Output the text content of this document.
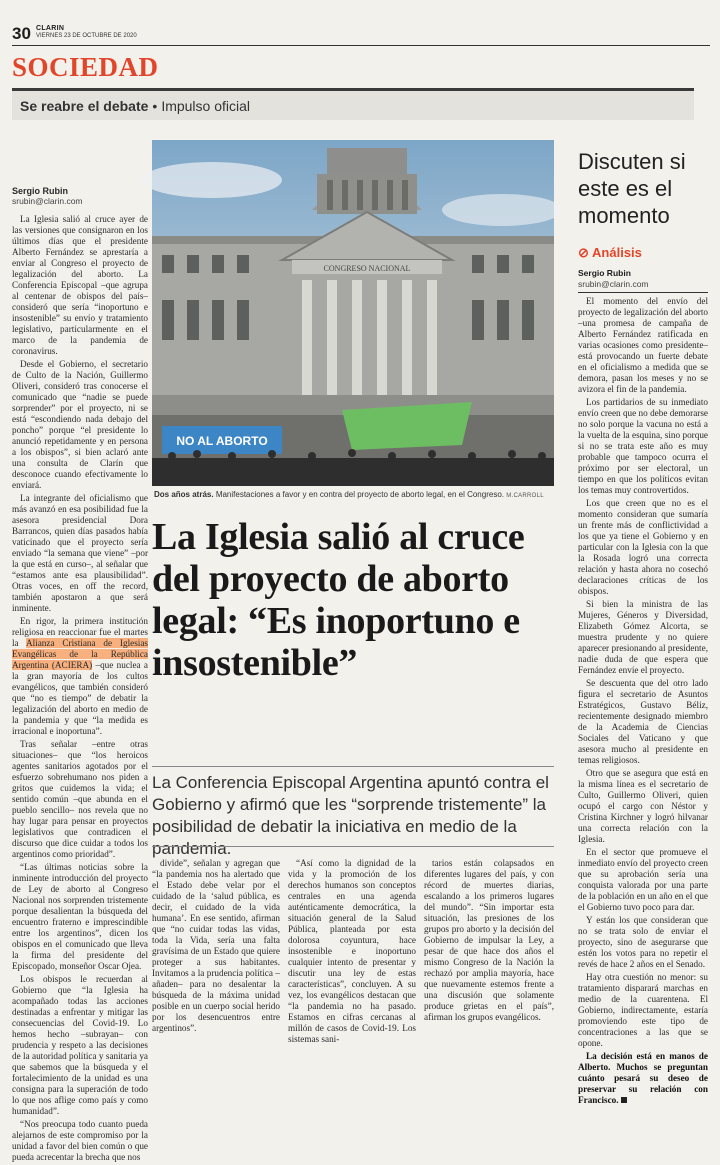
30 CLARIN
VIERNES 23 DE OCTUBRE DE 2020
SOCIEDAD
Se reabre el debate • Impulso oficial
Sergio Rubin
srubin@clarin.com

La Iglesia salió al cruce ayer de las versiones que consignaron en los últimos días que el presidente Alberto Fernández se aprestaría a enviar al Congreso el proyecto de legalización del aborto. La Conferencia Episcopal –que agrupa al centenar de obispos del país– consideró que sería “inoportuno e insostenible” su envío y tratamiento legislativo, particularmente en el marco de la pandemia de coronavirus.

Desde el Gobierno, el secretario de Culto de la Nación, Guillermo Oliveri, consideró tras conocerse el comunicado que “nadie se puede sorprender” por el proyecto, ni se está “escondiendo nada debajo del poncho” porque “el presidente lo anunció repetidamente y en persona a los obispos”, si bien aclaró ante una consulta de Clarín que desconoce cuando efectivamente lo enviará.

La integrante del oficialismo que más avanzó en esa posibilidad fue la asesora presidencial Dora Barrancos, quien días pasados había vaticinado que el proyecto sería enviado “la semana que viene” –por la que está en curso–, al señalar que “estamos ante esa plausibilidad”. Otras voces, en off the record, también apostaron a que será inminente.

En rigor, la primera institución religiosa en reaccionar fue el martes la Alianza Cristiana de Iglesias Evangélicas de la República Argentina (ACIERA) –que nuclea a la gran mayoría de los cultos evangélicos, que también consideró que “no es tiempo” de debatir la legalización del aborto en medio de la pandemia y que “la medida es irracional e inoportuna”.

Tras señalar –entre otras situaciones– que “los heroicos agentes sanitarios agotados por el esfuerzo sobrehumano nos piden a gritos que cuidemos la vida; el sentido común –que abunda en el pueblo sencillo– nos revela que no hay lugar para pensar en proyectos legislativos que contradicen el discurso que dice cuidar a todos los argentinos como prioridad”.

“Las últimas noticias sobre la inminente introducción del proyecto de Ley de aborto al Congreso Nacional nos sorprenden tristemente porque desalientan la búsqueda del encuentro fraterno e imprescindible entre los argentinos”, dicen los obispos en el comunicado que lleva la firma del presidente del Episcopado, monseñor Oscar Ojea.

Los obispos le recuerdan al Gobierno que “la Iglesia ha acompañado todas las acciones destinadas a enfrentar y mitigar las consecuencias del Covid-19. Lo hemos hecho –subrayan– con prudencia y respeto a las decisiones de la autoridad política y sanitaria ya que sabemos que la búsqueda y el fortalecimiento de la unidad es una consigna para la superación de todo lo que nos aflige como país y como humanidad”.

“Nos preocupa todo cuanto pueda alejarnos de este compromiso por la unidad a favor del bien común o que pueda acrecentar la brecha que nos

CONGRESO NACIONAL
NO AL ABORTO
Dos años atrás. Manifestaciones a favor y en contra del proyecto de aborto legal, en el Congreso. M.CARROLL
La Iglesia salió al cruce del proyecto de aborto legal: “Es inoportuno e insostenible”
La Conferencia Episcopal Argentina apuntó contra el Gobierno y afirmó que les “sorprende tristemente” la posibilidad de debatir la iniciativa en medio de la pandemia.

divide”, señalan y agregan que “la pandemia nos ha alertado que el Estado debe velar por el cuidado de la ‘salud pública, es decir, el cuidado de la vida humana’. En ese sentido, afirman que “no cuidar todas las vidas, toda la Vida, sería una falta gravísima de un Estado que quiere proteger a sus habitantes. Invitamos a la prudencia política –añaden– para no desalentar la búsqueda de la máxima unidad posible en un cuerpo social herido por los desencuentros entre argentinos”.

“Así como la dignidad de la vida y la promoción de los derechos humanos son conceptos centrales en una agenda auténticamente democrática, la situación general de la Salud Pública, planteada por esta dolorosa coyuntura, hace insostenible e inoportuno cualquier intento de presentar y discutir una ley de estas características”, concluyen. A su vez, los evangélicos destacan que “la pandemia no ha pasado. Estamos en cifras cercanas al millón de casos de Covid-19. Los sistemas sani-

tarios están colapsados en diferentes lugares del país, y con récord de muertes diarias, escalando a los primeros lugares del mundo”. “Sin importar esta situación, las presiones de los grupos pro aborto y la decisión del Gobierno de impulsar la Ley, a pesar de que hace dos años el mismo Congreso de la Nación la rechazó por amplia mayoría, hace que nuevamente estemos frente a una discusión que solamente produce grietas en el país”, afirman los grupos evangélicos.

Discuten si este es el momento
⊘ Análisis
Sergio Rubin
srubin@clarin.com

El momento del envío del proyecto de legalización del aborto –una promesa de campaña de Alberto Fernández ratificada en varias ocasiones como presidente– está provocando un fuerte debate en el oficialismo a medida que se demora, pasan los meses y no se avizora el fin de la pandemia.

Los partidarios de su inmediato envío creen que no debe demorarse no solo porque la vacuna no está a la vuelta de la esquina, sino porque si no se trata este año es muy probable que tampoco ocurra el próximo por ser electoral, un tiempo en que los políticos evitan los temas muy controvertidos.

Los que creen que no es el momento consideran que sumaría un frente más de conflictividad a los que ya tiene el Gobierno y en particular con la Iglesia con la que la Rosada logró una correcta relación y hasta ahora no cosechó declaraciones críticas de los obispos.

Si bien la ministra de las Mujeres, Géneros y Diversidad, Elizabeth Gómez Alcorta, se muestra prudente y no quiere aparecer presionando al presidente, nadie duda de que espera que Fernández envíe el proyecto.

Se descuenta que del otro lado figura el secretario de Asuntos Estratégicos, Gustavo Béliz, recientemente designado miembro de la Academia de Ciencias Sociales del Vaticano y que asesora mucho al presidente en temas religiosos.

Otro que se asegura que está en la misma línea es el secretario de Culto, Guillermo Oliveri, quien ocupó el cargo con Néstor y Cristina Kirchner y logró hilvanar una correcta relación con la Iglesia.

En el sector que promueve el inmediato envío del proyecto creen que su aprobación sería una conquista valorada por una parte de la población en un año en el que el Gobierno tuvo poco para dar.

Y están los que consideran que no se trata solo de enviar el proyecto, sino de asegurarse que estén los votos para no repetir el revés de hace 2 años en el Senado.

Hay otra cuestión no menor: su tratamiento disparará marchas en medio de la cuarentena. El Gobierno, indirectamente, estaría promoviendo este tipo de concentraciones a las que se opone.

La decisión está en manos de Alberto. Muchos se preguntan cuánto pesará su deseo de preservar su relación con Francisco.
